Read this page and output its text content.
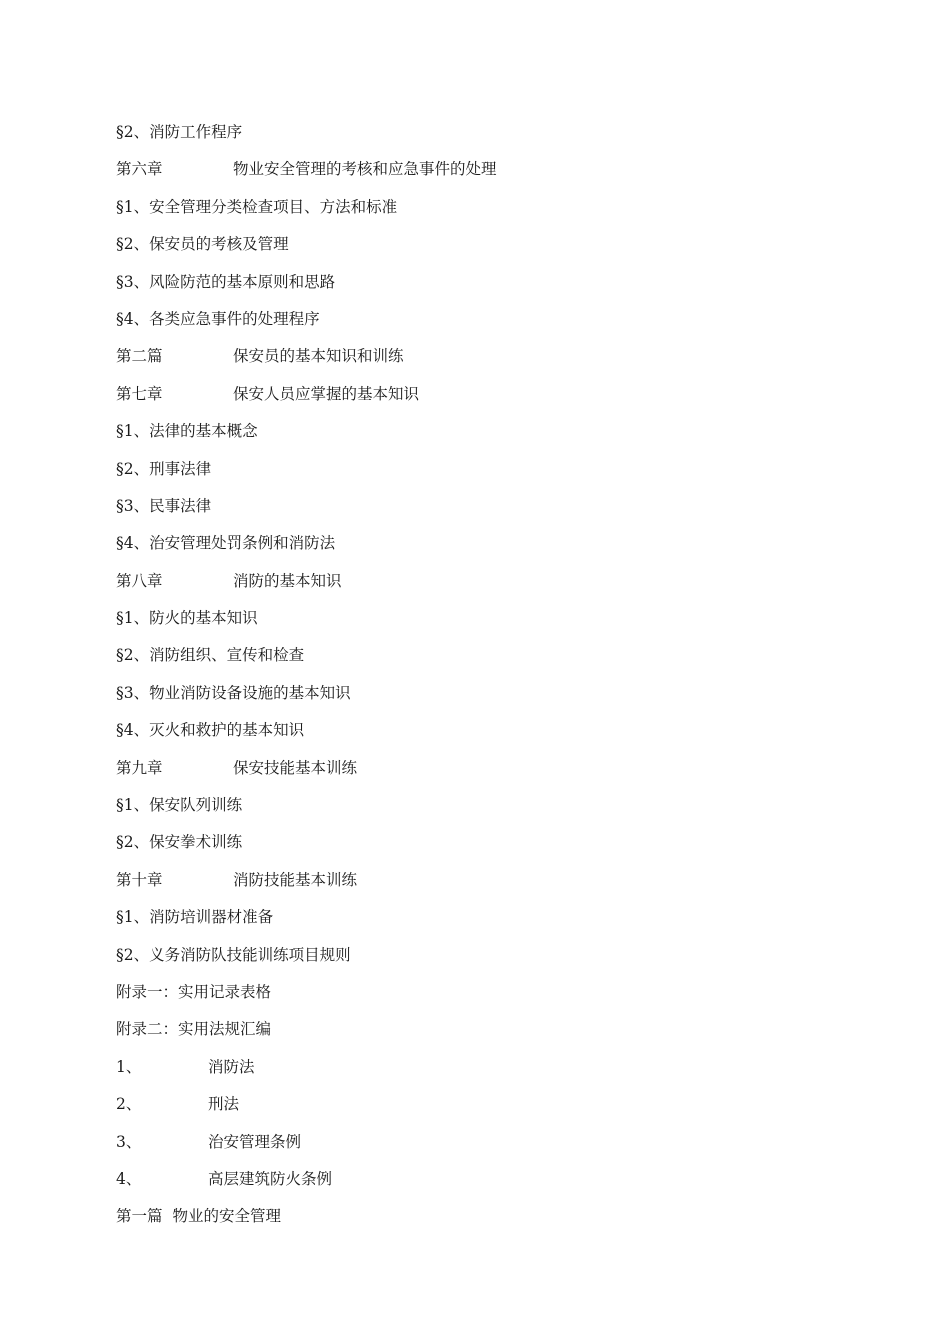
§2、消防工作程序
第六章	物业安全管理的考核和应急事件的处理
§1、安全管理分类检查项目、方法和标准
§2、保安员的考核及管理
§3、风险防范的基本原则和思路
§4、各类应急事件的处理程序
第二篇	保安员的基本知识和训练
第七章	保安人员应掌握的基本知识
§1、法律的基本概念
§2、刑事法律
§3、民事法律
§4、治安管理处罚条例和消防法
第八章	消防的基本知识
§1、防火的基本知识
§2、消防组织、宣传和检查
§3、物业消防设备设施的基本知识
§4、灭火和救护的基本知识
第九章	保安技能基本训练
§1、保安队列训练
§2、保安拳术训练
第十章	消防技能基本训练
§1、消防培训器材准备
§2、义务消防队技能训练项目规则
附录一：实用记录表格
附录二：实用法规汇编
1、	消防法
2、	刑法
3、	治安管理条例
4、	高层建筑防火条例
第一篇 物业的安全管理
